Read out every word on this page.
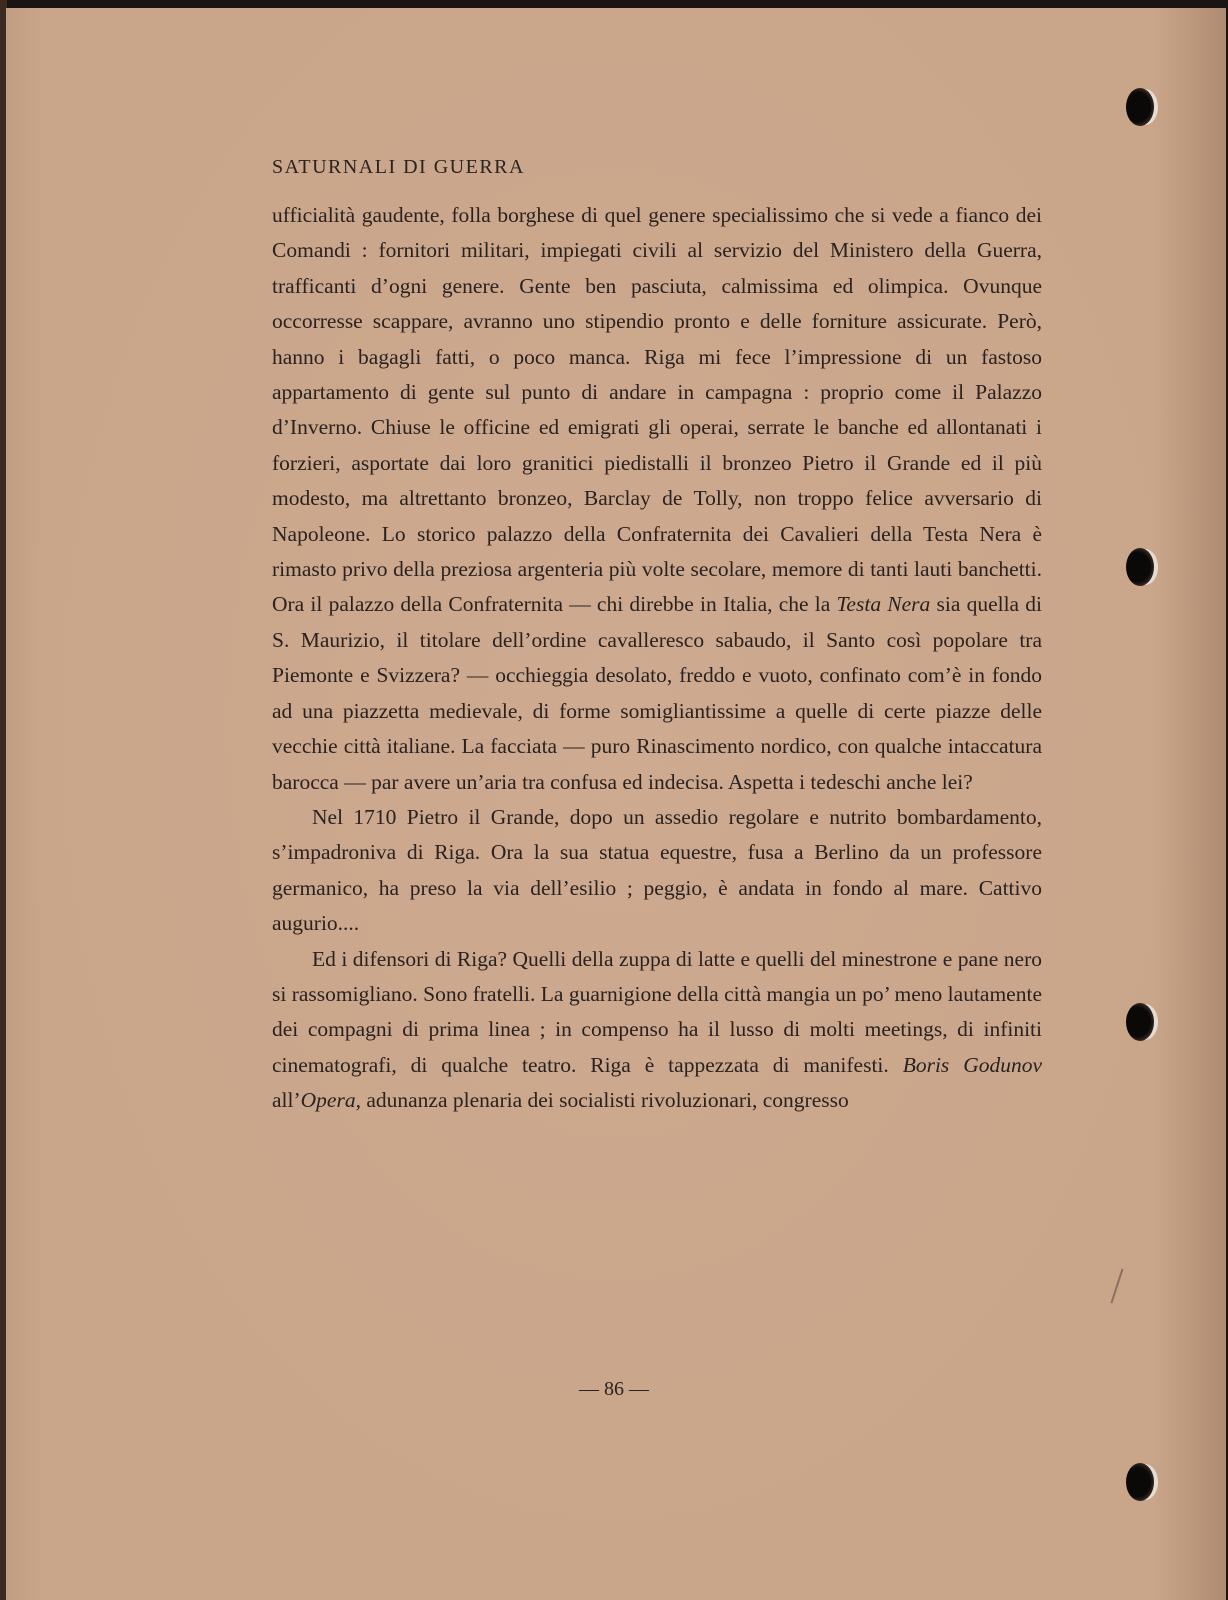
SATURNALI DI GUERRA

ufficialità gaudente, folla borghese di quel genere specialissimo che si vede a fianco dei Comandi : fornitori militari, impiegati civili al servizio del Ministero della Guerra, trafficanti d’ogni genere. Gente ben pasciuta, calmissima ed olimpica. Ovunque occorresse scappare, avranno uno stipendio pronto e delle forniture assicurate. Però, hanno i bagagli fatti, o poco manca. Riga mi fece l’impressione di un fastoso appartamento di gente sul punto di andare in campagna : proprio come il Palazzo d’Inverno. Chiuse le officine ed emigrati gli operai, serrate le banche ed allontanati i forzieri, asportate dai loro granitici piedistalli il bronzeo Pietro il Grande ed il più modesto, ma altrettanto bronzeo, Barclay de Tolly, non troppo felice avversario di Napoleone. Lo storico palazzo della Confraternita dei Cavalieri della Testa Nera è rimasto privo della preziosa argenteria più volte secolare, memore di tanti lauti banchetti. Ora il palazzo della Confraternita — chi direbbe in Italia, che la Testa Nera sia quella di S. Maurizio, il titolare dell’ordine cavalleresco sabaudo, il Santo così popolare tra Piemonte e Svizzera? — occhieggia desolato, freddo e vuoto, confinato com’è in fondo ad una piazzetta medievale, di forme somigliantissime a quelle di certe piazze delle vecchie città italiane. La facciata — puro Rinascimento nordico, con qualche intaccatura barocca — par avere un’aria tra confusa ed indecisa. Aspetta i tedeschi anche lei?

Nel 1710 Pietro il Grande, dopo un assedio regolare e nutrito bombardamento, s’impadroniva di Riga. Ora la sua statua equestre, fusa a Berlino da un professore germanico, ha preso la via dell’esilio ; peggio, è andata in fondo al mare. Cattivo augurio....

Ed i difensori di Riga? Quelli della zuppa di latte e quelli del minestrone e pane nero si rassomigliano. Sono fratelli. La guarnigione della città mangia un po’ meno lautamente dei compagni di prima linea ; in compenso ha il lusso di molti meetings, di infiniti cinematografi, di qualche teatro. Riga è tappezzata di manifesti. Boris Godunov all’Opera, adunanza plenaria dei socialisti rivoluzionari, congresso

— 86 —
